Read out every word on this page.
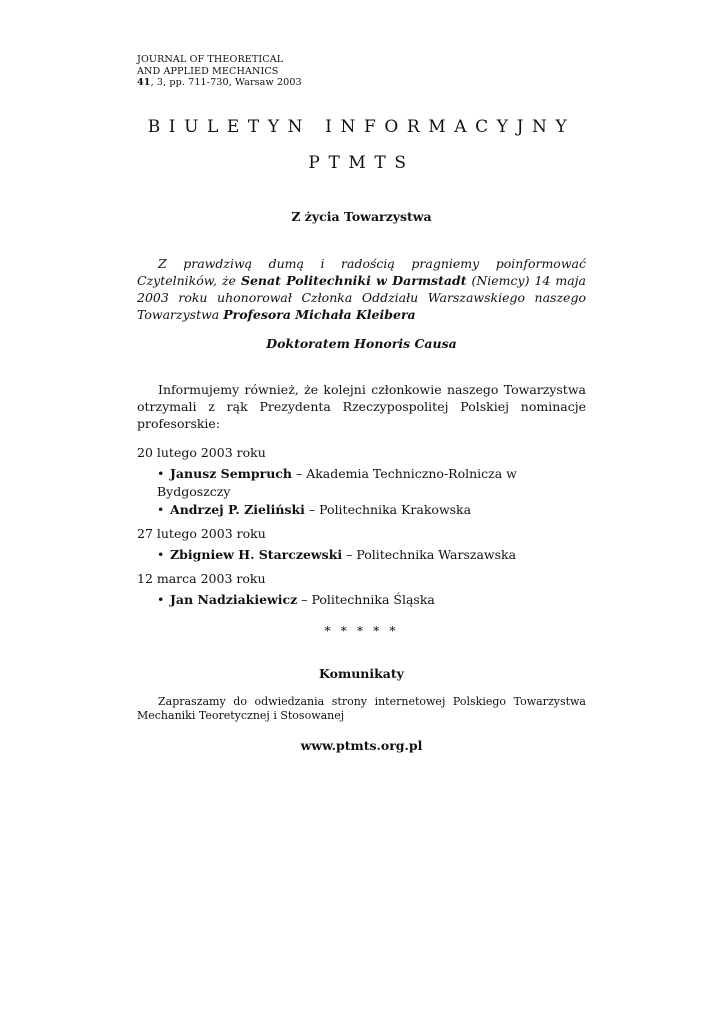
JOURNAL OF THEORETICAL
AND APPLIED MECHANICS
41, 3, pp. 711-730, Warsaw 2003
BIULETYN INFORMACYJNY
PTMTS
Z życia Towarzystwa

Z prawdziwą dumą i radością pragniemy poinformować Czytelników, że Senat Politechniki w Darmstadt (Niemcy) 14 maja 2003 roku uhonorował Członka Oddziału Warszawskiego naszego Towarzystwa Profesora Michała Kleibera

Doktoratem Honoris Causa

Informujemy również, że kolejni członkowie naszego Towarzystwa otrzymali z rąk Prezydenta Rzeczypospolitej Polskiej nominacje profesorskie:

20 lutego 2003 roku
• Janusz Sempruch – Akademia Techniczno-Rolnicza w Bydgoszczy
• Andrzej P. Zieliński – Politechnika Krakowska
27 lutego 2003 roku
• Zbigniew H. Starczewski – Politechnika Warszawska
12 marca 2003 roku
• Jan Nadziakiewicz – Politechnika Śląska
* * * * *
Komunikaty

Zapraszamy do odwiedzania strony internetowej Polskiego Towarzystwa Mechaniki Teoretycznej i Stosowanej

www.ptmts.org.pl
